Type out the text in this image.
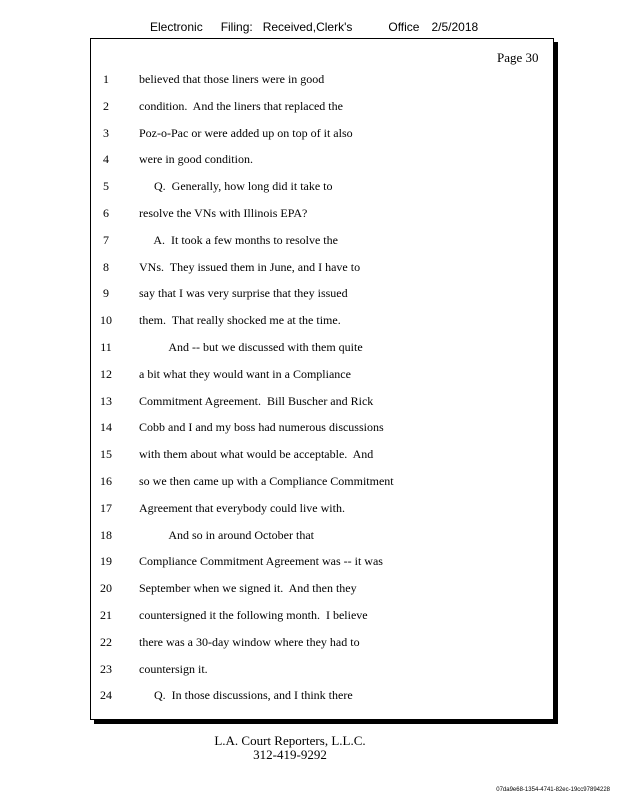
Electronic Filing: Received,Clerk's	Office 2/5/2018
Page 30
1	believed that those liners were in good
2	condition.  And the liners that replaced the
3	Poz-o-Pac or were added up on top of it also
4	were in good condition.
5	Q.  Generally, how long did it take to
6	resolve the VNs with Illinois EPA?
7	A.  It took a few months to resolve the
8	VNs.  They issued them in June, and I have to
9	say that I was very surprise that they issued
10	them.  That really shocked me at the time.
11	And -- but we discussed with them quite
12	a bit what they would want in a Compliance
13	Commitment Agreement.  Bill Buscher and Rick
14	Cobb and I and my boss had numerous discussions
15	with them about what would be acceptable.  And
16	so we then came up with a Compliance Commitment
17	Agreement that everybody could live with.
18	And so in around October that
19	Compliance Commitment Agreement was -- it was
20	September when we signed it.  And then they
21	countersigned it the following month.  I believe
22	there was a 30-day window where they had to
23	countersign it.
24	Q.  In those discussions, and I think there
L.A. Court Reporters, L.L.C.
312-419-9292
07da9e68-1354-4741-82ec-19cc97894228
